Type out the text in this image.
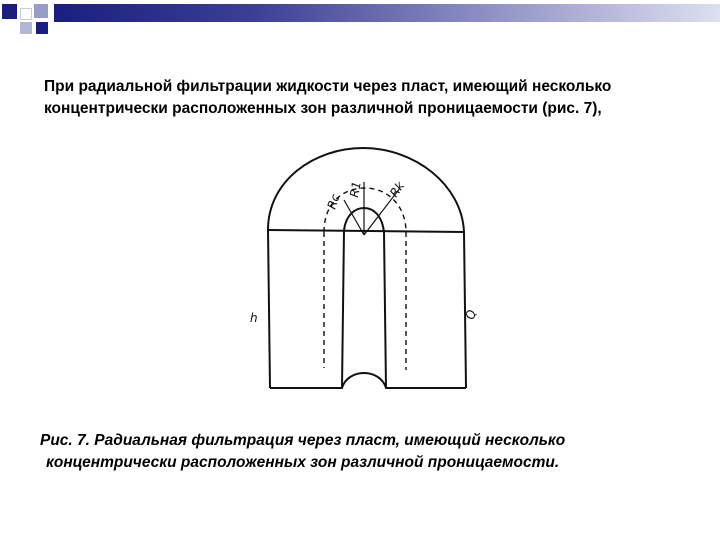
При радиальной фильтрации жидкости через пласт, имеющий несколько
концентрически расположенных зон различной проницаемости (рис. 7),

Rc
R1 Rk
h	Q

Рис. 7. Радиальная фильтрация через пласт, имеющий несколько
концентрически расположенных зон различной проницаемости.
